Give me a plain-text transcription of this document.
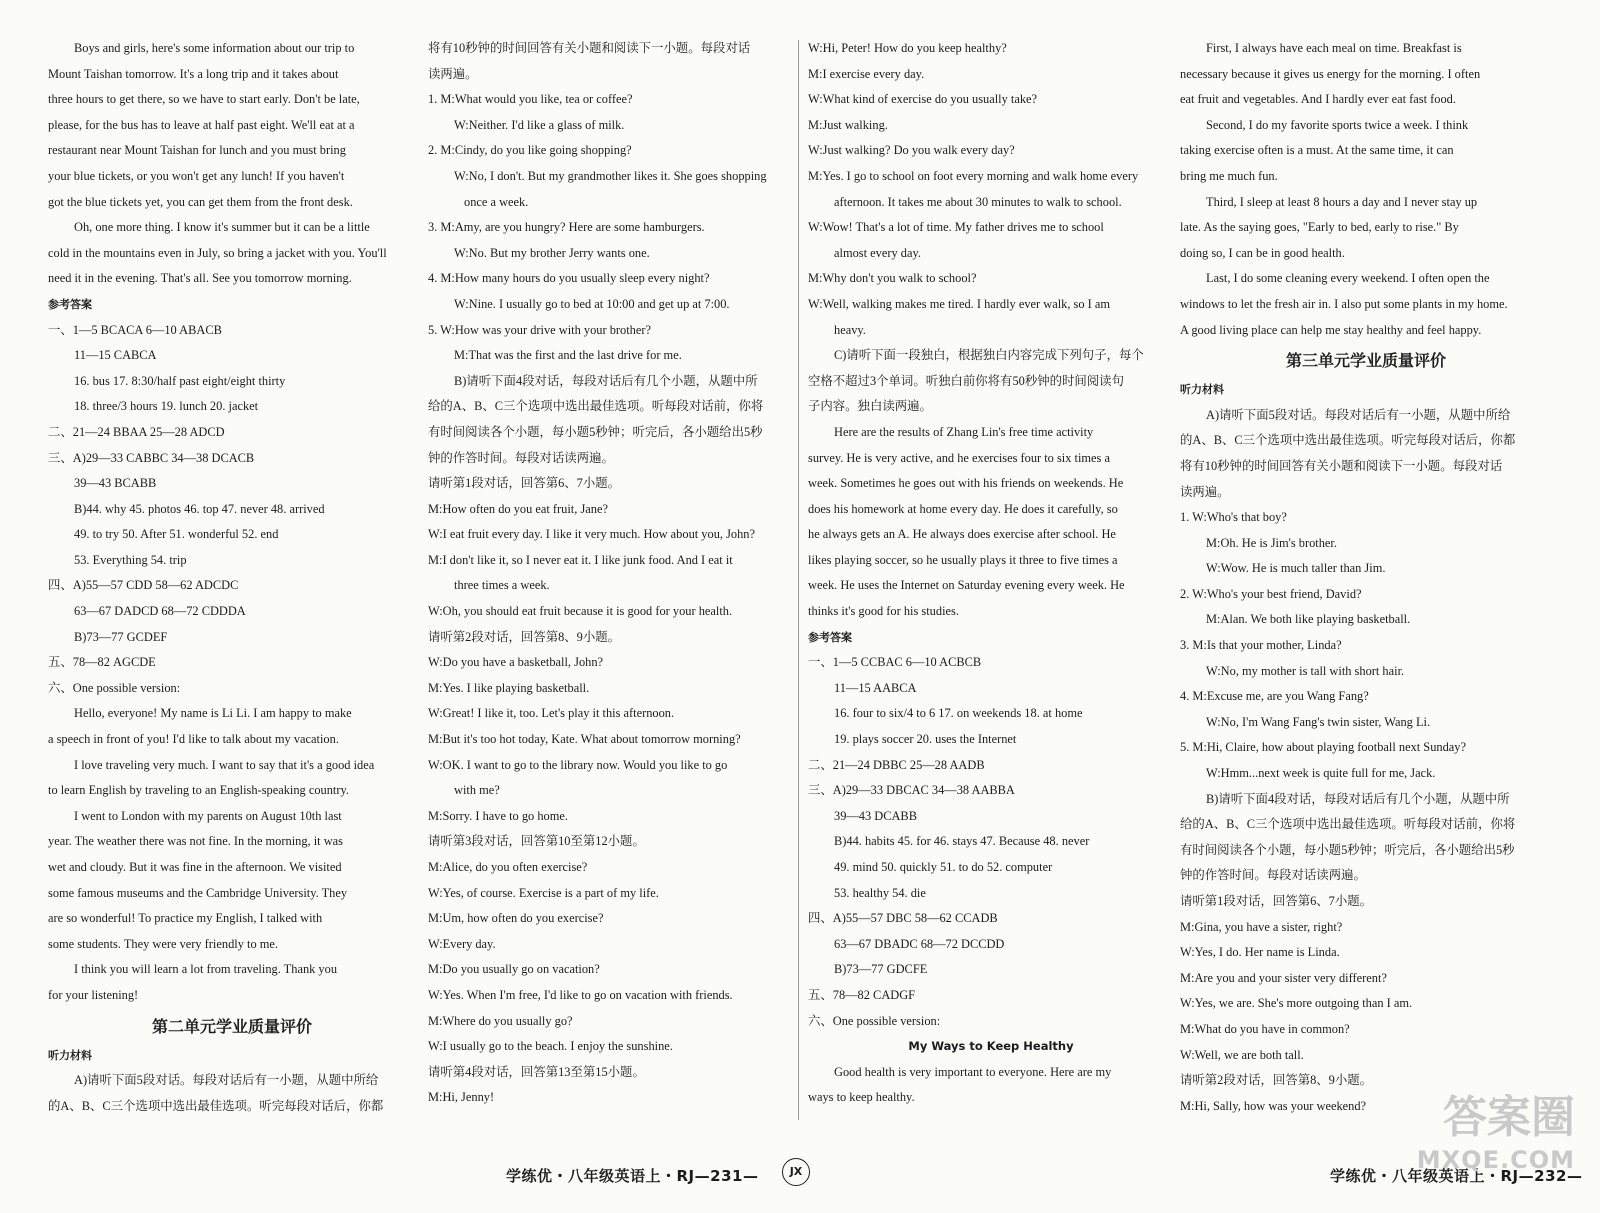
Boys and girls, here's some information about our trip to
Mount Taishan tomorrow. It's a long trip and it takes about
three hours to get there, so we have to start early. Don't be late,
please, for the bus has to leave at half past eight. We'll eat at a
restaurant near Mount Taishan for lunch and you must bring
your blue tickets, or you won't get any lunch! If you haven't
got the blue tickets yet, you can get them from the front desk.
Oh, one more thing. I know it's summer but it can be a little
cold in the mountains even in July, so bring a jacket with you. You'll
need it in the evening. That's all. See you tomorrow morning.
参考答案
一、1—5 BCACA 6—10 ABACB
11—15 CABCA
16. bus 17. 8:30/half past eight/eight thirty
18. three/3 hours 19. lunch 20. jacket
二、21—24 BBAA 25—28 ADCD
三、A)29—33 CABBC 34—38 DCACB
39—43 BCABB
B)44. why 45. photos 46. top 47. never 48. arrived
49. to try 50. After 51. wonderful 52. end
53. Everything 54. trip
四、A)55—57 CDD 58—62 ADCDC
63—67 DADCD 68—72 CDDDA
B)73—77 GCDEF
五、78—82 AGCDE
六、One possible version:
Hello, everyone! My name is Li Li. I am happy to make
a speech in front of you! I'd like to talk about my vacation.
I love traveling very much. I want to say that it's a good idea
to learn English by traveling to an English-speaking country.
I went to London with my parents on August 10th last
year. The weather there was not fine. In the morning, it was
wet and cloudy. But it was fine in the afternoon. We visited
some famous museums and the Cambridge University. They
are so wonderful! To practice my English, I talked with
some students. They were very friendly to me.
I think you will learn a lot from traveling. Thank you
for your listening!
第二单元学业质量评价
听力材料
A)请听下面5段对话。每段对话后有一小题，从题中所给
的A、B、C三个选项中选出最佳选项。听完每段对话后，你都
将有10秒钟的时间回答有关小题和阅读下一小题。每段对话
读两遍。
1. M:What would you like, tea or coffee?
W:Neither. I'd like a glass of milk.
2. M:Cindy, do you like going shopping?
W:No, I don't. But my grandmother likes it. She goes shopping
once a week.
3. M:Amy, are you hungry? Here are some hamburgers.
W:No. But my brother Jerry wants one.
4. M:How many hours do you usually sleep every night?
W:Nine. I usually go to bed at 10:00 and get up at 7:00.
5. W:How was your drive with your brother?
M:That was the first and the last drive for me.
B)请听下面4段对话，每段对话后有几个小题，从题中所
给的A、B、C三个选项中选出最佳选项。听每段对话前，你将
有时间阅读各个小题，每小题5秒钟；听完后，各小题给出5秒
钟的作答时间。每段对话读两遍。
请听第1段对话，回答第6、7小题。
M:How often do you eat fruit, Jane?
W:I eat fruit every day. I like it very much. How about you, John?
M:I don't like it, so I never eat it. I like junk food. And I eat it
three times a week.
W:Oh, you should eat fruit because it is good for your health.
请听第2段对话，回答第8、9小题。
W:Do you have a basketball, John?
M:Yes. I like playing basketball.
W:Great! I like it, too. Let's play it this afternoon.
M:But it's too hot today, Kate. What about tomorrow morning?
W:OK. I want to go to the library now. Would you like to go
with me?
M:Sorry. I have to go home.
请听第3段对话，回答第10至第12小题。
M:Alice, do you often exercise?
W:Yes, of course. Exercise is a part of my life.
M:Um, how often do you exercise?
W:Every day.
M:Do you usually go on vacation?
W:Yes. When I'm free, I'd like to go on vacation with friends.
M:Where do you usually go?
W:I usually go to the beach. I enjoy the sunshine.
请听第4段对话，回答第13至第15小题。
M:Hi, Jenny!
W:Hi, Peter! How do you keep healthy?
M:I exercise every day.
W:What kind of exercise do you usually take?
M:Just walking.
W:Just walking? Do you walk every day?
M:Yes. I go to school on foot every morning and walk home every
afternoon. It takes me about 30 minutes to walk to school.
W:Wow! That's a lot of time. My father drives me to school
almost every day.
M:Why don't you walk to school?
W:Well, walking makes me tired. I hardly ever walk, so I am
heavy.
C)请听下面一段独白，根据独白内容完成下列句子，每个
空格不超过3个单词。听独白前你将有50秒钟的时间阅读句
子内容。独白读两遍。
Here are the results of Zhang Lin's free time activity
survey. He is very active, and he exercises four to six times a
week. Sometimes he goes out with his friends on weekends. He
does his homework at home every day. He does it carefully, so
he always gets an A. He always does exercise after school. He
likes playing soccer, so he usually plays it three to five times a
week. He uses the Internet on Saturday evening every week. He
thinks it's good for his studies.
参考答案
一、1—5 CCBAC 6—10 ACBCB
11—15 AABCA
16. four to six/4 to 6 17. on weekends 18. at home
19. plays soccer 20. uses the Internet
二、21—24 DBBC 25—28 AADB
三、A)29—33 DBCAC 34—38 AABBA
39—43 DCABB
B)44. habits 45. for 46. stays 47. Because 48. never
49. mind 50. quickly 51. to do 52. computer
53. healthy 54. die
四、A)55—57 DBC 58—62 CCADB
63—67 DBADC 68—72 DCCDD
B)73—77 GDCFE
五、78—82 CADGF
六、One possible version:
My Ways to Keep Healthy
Good health is very important to everyone. Here are my
ways to keep healthy.
First, I always have each meal on time. Breakfast is
necessary because it gives us energy for the morning. I often
eat fruit and vegetables. And I hardly ever eat fast food.
Second, I do my favorite sports twice a week. I think
taking exercise often is a must. At the same time, it can
bring me much fun.
Third, I sleep at least 8 hours a day and I never stay up
late. As the saying goes, "Early to bed, early to rise." By
doing so, I can be in good health.
Last, I do some cleaning every weekend. I often open the
windows to let the fresh air in. I also put some plants in my home.
A good living place can help me stay healthy and feel happy.
第三单元学业质量评价
听力材料
A)请听下面5段对话。每段对话后有一小题，从题中所给
的A、B、C三个选项中选出最佳选项。听完每段对话后，你都
将有10秒钟的时间回答有关小题和阅读下一小题。每段对话
读两遍。
1. W:Who's that boy?
M:Oh. He is Jim's brother.
W:Wow. He is much taller than Jim.
2. W:Who's your best friend, David?
M:Alan. We both like playing basketball.
3. M:Is that your mother, Linda?
W:No, my mother is tall with short hair.
4. M:Excuse me, are you Wang Fang?
W:No, I'm Wang Fang's twin sister, Wang Li.
5. M:Hi, Claire, how about playing football next Sunday?
W:Hmm...next week is quite full for me, Jack.
B)请听下面4段对话，每段对话后有几个小题，从题中所
给的A、B、C三个选项中选出最佳选项。听每段对话前，你将
有时间阅读各个小题，每小题5秒钟；听完后，各小题给出5秒
钟的作答时间。每段对话读两遍。
请听第1段对话，回答第6、7小题。
M:Gina, you have a sister, right?
W:Yes, I do. Her name is Linda.
M:Are you and your sister very different?
W:Yes, we are. She's more outgoing than I am.
M:What do you have in common?
W:Well, we are both tall.
请听第2段对话，回答第8、9小题。
M:Hi, Sally, how was your weekend?
学练优・八年级英语上・RJ—231—	JX	学练优・八年级英语上・RJ—232—
答案圈
MXQE.COM
